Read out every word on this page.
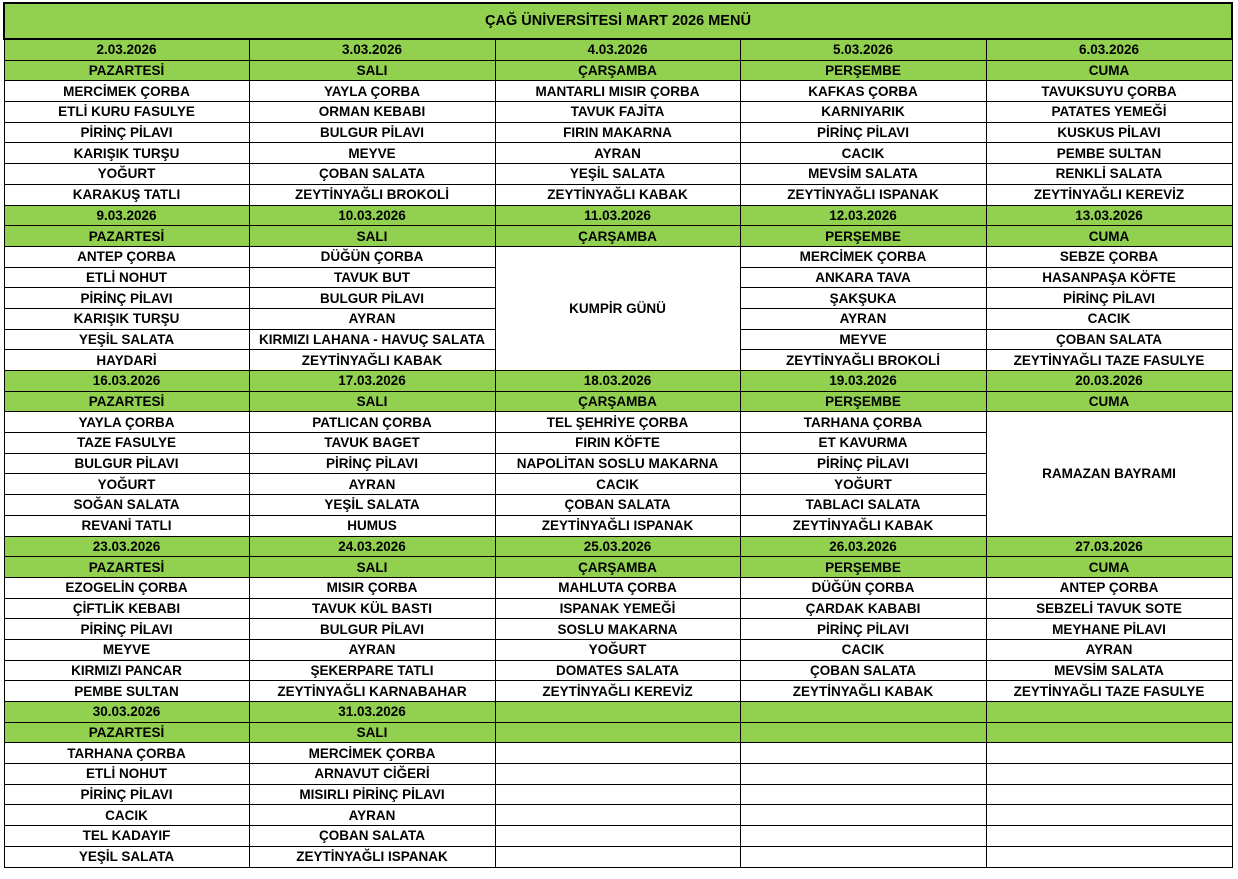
ÇAĞ ÜNİVERSİTESİ MART 2026 MENÜ				
2.03.2026	3.03.2026	4.03.2026	5.03.2026	6.03.2026
PAZARTESİ	SALI	ÇARŞAMBA	PERŞEMBE	CUMA
MERCİMEK ÇORBA	YAYLA ÇORBA	MANTARLI MISIR ÇORBA	KAFKAS ÇORBA	TAVUKSUYU ÇORBA
ETLİ KURU FASULYE	ORMAN KEBABI	TAVUK FAJİTA	KARNIYARIK	PATATES YEMEĞİ
PİRİNÇ PİLAVI	BULGUR PİLAVI	FIRIN MAKARNA	PİRİNÇ PİLAVI	KUSKUS PİLAVI
KARIŞIK TURŞU	MEYVE	AYRAN	CACIK	PEMBE SULTAN
YOĞURT	ÇOBAN SALATA	YEŞİL SALATA	MEVSİM SALATA	RENKLİ SALATA
KARAKUŞ TATLI	ZEYTİNYAĞLI BROKOLİ	ZEYTİNYAĞLI KABAK	ZEYTİNYAĞLI ISPANAK	ZEYTİNYAĞLI KEREVİZ
9.03.2026	10.03.2026	11.03.2026	12.03.2026	13.03.2026
PAZARTESİ	SALI	ÇARŞAMBA	PERŞEMBE	CUMA
ANTEP ÇORBA	DÜĞÜN ÇORBA	KUMPİR GÜNÜ	MERCİMEK ÇORBA	SEBZE ÇORBA
ETLİ NOHUT	TAVUK BUT		ANKARA TAVA	HASANPAŞA KÖFTE
PİRİNÇ PİLAVI	BULGUR PİLAVI		ŞAKŞUKA	PİRİNÇ PİLAVI
KARIŞIK TURŞU	AYRAN		AYRAN	CACIK
YEŞİL SALATA	KIRMIZI LAHANA - HAVUÇ SALATA		MEYVE	ÇOBAN SALATA
HAYDARİ	ZEYTİNYAĞLI KABAK		ZEYTİNYAĞLI BROKOLİ	ZEYTİNYAĞLI TAZE FASULYE
16.03.2026	17.03.2026	18.03.2026	19.03.2026	20.03.2026
PAZARTESİ	SALI	ÇARŞAMBA	PERŞEMBE	CUMA
YAYLA ÇORBA	PATLICAN ÇORBA	TEL ŞEHRİYE ÇORBA	TARHANA ÇORBA	RAMAZAN BAYRAMI
TAZE FASULYE	TAVUK BAGET	FIRIN KÖFTE	ET KAVURMA	
BULGUR PİLAVI	PİRİNÇ PİLAVI	NAPOLİTAN SOSLU MAKARNA	PİRİNÇ PİLAVI	
YOĞURT	AYRAN	CACIK	YOĞURT	
SOĞAN SALATA	YEŞİL SALATA	ÇOBAN SALATA	TABLACI SALATA	
REVANİ TATLI	HUMUS	ZEYTİNYAĞLI ISPANAK	ZEYTİNYAĞLI KABAK	
23.03.2026	24.03.2026	25.03.2026	26.03.2026	27.03.2026
PAZARTESİ	SALI	ÇARŞAMBA	PERŞEMBE	CUMA
EZOGELİN ÇORBA	MISIR ÇORBA	MAHLUTA ÇORBA	DÜĞÜN ÇORBA	ANTEP ÇORBA
ÇİFTLİK KEBABI	TAVUK KÜL BASTI	ISPANAK YEMEĞİ	ÇARDAK KABABI	SEBZELİ TAVUK SOTE
PİRİNÇ PİLAVI	BULGUR PİLAVI	SOSLU MAKARNA	PİRİNÇ PİLAVI	MEYHANE PİLAVI
MEYVE	AYRAN	YOĞURT	CACIK	AYRAN
KIRMIZI PANCAR	ŞEKERPARE TATLI	DOMATES SALATA	ÇOBAN SALATA	MEVSİM SALATA
PEMBE SULTAN	ZEYTİNYAĞLI KARNABAHAR	ZEYTİNYAĞLI KEREVİZ	ZEYTİNYAĞLI KABAK	ZEYTİNYAĞLI TAZE FASULYE
30.03.2026	31.03.2026			
PAZARTESİ	SALI			
TARHANA ÇORBA	MERCİMEK ÇORBA			
ETLİ NOHUT	ARNAVUT CİĞERİ			
PİRİNÇ PİLAVI	MISIRLI PİRİNÇ PİLAVI			
CACIK	AYRAN			
TEL KADAYIF	ÇOBAN SALATA			
YEŞİL SALATA	ZEYTİNYAĞLI ISPANAK			
